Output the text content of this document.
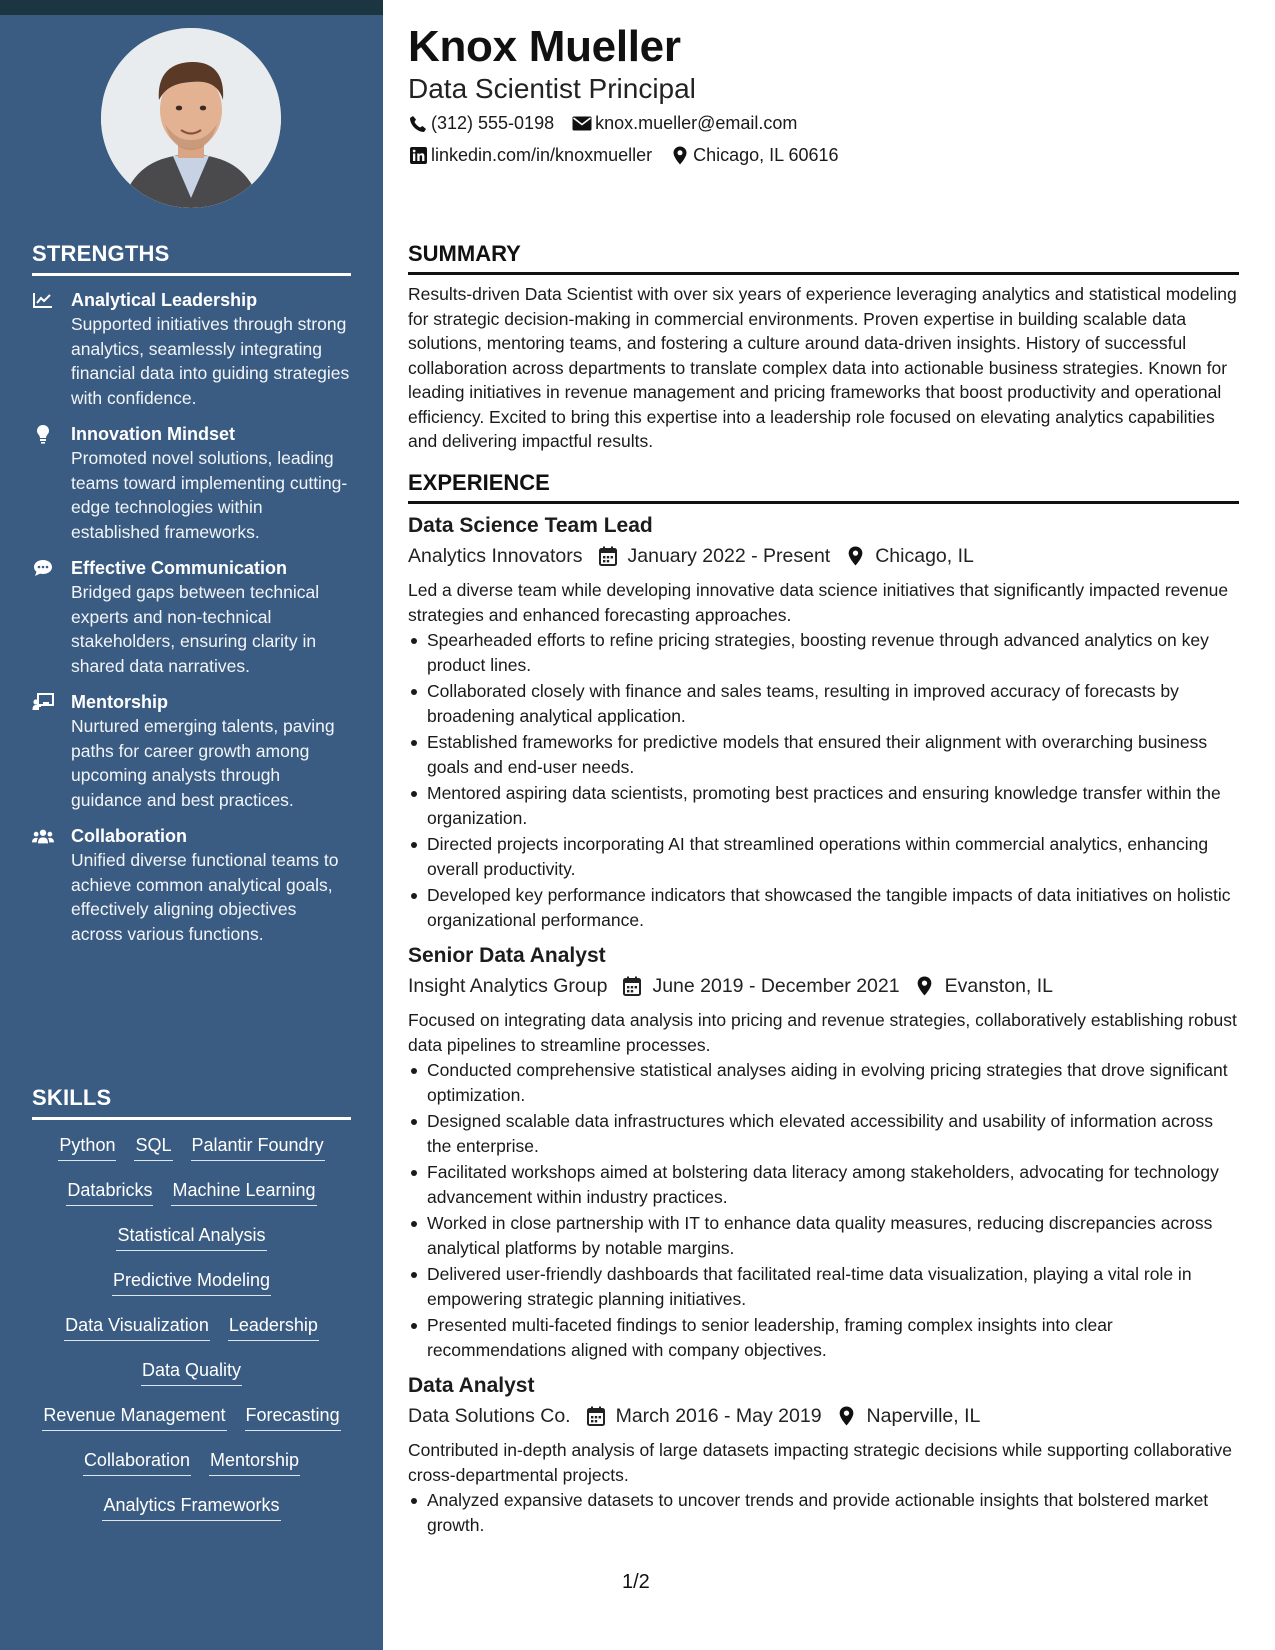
STRENGTHS
Analytical Leadership
Supported initiatives through strong analytics, seamlessly integrating financial data into guiding strategies with confidence.
Innovation Mindset
Promoted novel solutions, leading teams toward implementing cutting-edge technologies within established frameworks.
Effective Communication
Bridged gaps between technical experts and non-technical stakeholders, ensuring clarity in shared data narratives.
Mentorship
Nurtured emerging talents, paving paths for career growth among upcoming analysts through guidance and best practices.
Collaboration
Unified diverse functional teams to achieve common analytical goals, effectively aligning objectives across various functions.
SKILLS
Python SQL Palantir Foundry
Databricks Machine Learning
Statistical Analysis
Predictive Modeling
Data Visualization Leadership
Data Quality
Revenue Management Forecasting
Collaboration Mentorship
Analytics Frameworks
Knox Mueller
Data Scientist Principal
(312) 555-0198 knox.mueller@email.com
linkedin.com/in/knoxmueller Chicago, IL 60616
SUMMARY
Results-driven Data Scientist with over six years of experience leveraging analytics and statistical modeling for strategic decision-making in commercial environments. Proven expertise in building scalable data solutions, mentoring teams, and fostering a culture around data-driven insights. History of successful collaboration across departments to translate complex data into actionable business strategies. Known for leading initiatives in revenue management and pricing frameworks that boost productivity and operational efficiency. Excited to bring this expertise into a leadership role focused on elevating analytics capabilities and delivering impactful results.
EXPERIENCE
Data Science Team Lead
Analytics Innovators January 2022 - Present Chicago, IL
Led a diverse team while developing innovative data science initiatives that significantly impacted revenue strategies and enhanced forecasting approaches.
Spearheaded efforts to refine pricing strategies, boosting revenue through advanced analytics on key product lines.
Collaborated closely with finance and sales teams, resulting in improved accuracy of forecasts by broadening analytical application.
Established frameworks for predictive models that ensured their alignment with overarching business goals and end-user needs.
Mentored aspiring data scientists, promoting best practices and ensuring knowledge transfer within the organization.
Directed projects incorporating AI that streamlined operations within commercial analytics, enhancing overall productivity.
Developed key performance indicators that showcased the tangible impacts of data initiatives on holistic organizational performance.
Senior Data Analyst
Insight Analytics Group June 2019 - December 2021 Evanston, IL
Focused on integrating data analysis into pricing and revenue strategies, collaboratively establishing robust data pipelines to streamline processes.
Conducted comprehensive statistical analyses aiding in evolving pricing strategies that drove significant optimization.
Designed scalable data infrastructures which elevated accessibility and usability of information across the enterprise.
Facilitated workshops aimed at bolstering data literacy among stakeholders, advocating for technology advancement within industry practices.
Worked in close partnership with IT to enhance data quality measures, reducing discrepancies across analytical platforms by notable margins.
Delivered user-friendly dashboards that facilitated real-time data visualization, playing a vital role in empowering strategic planning initiatives.
Presented multi-faceted findings to senior leadership, framing complex insights into clear recommendations aligned with company objectives.
Data Analyst
Data Solutions Co. March 2016 - May 2019 Naperville, IL
Contributed in-depth analysis of large datasets impacting strategic decisions while supporting collaborative cross-departmental projects.
Analyzed expansive datasets to uncover trends and provide actionable insights that bolstered market growth.
1/2
